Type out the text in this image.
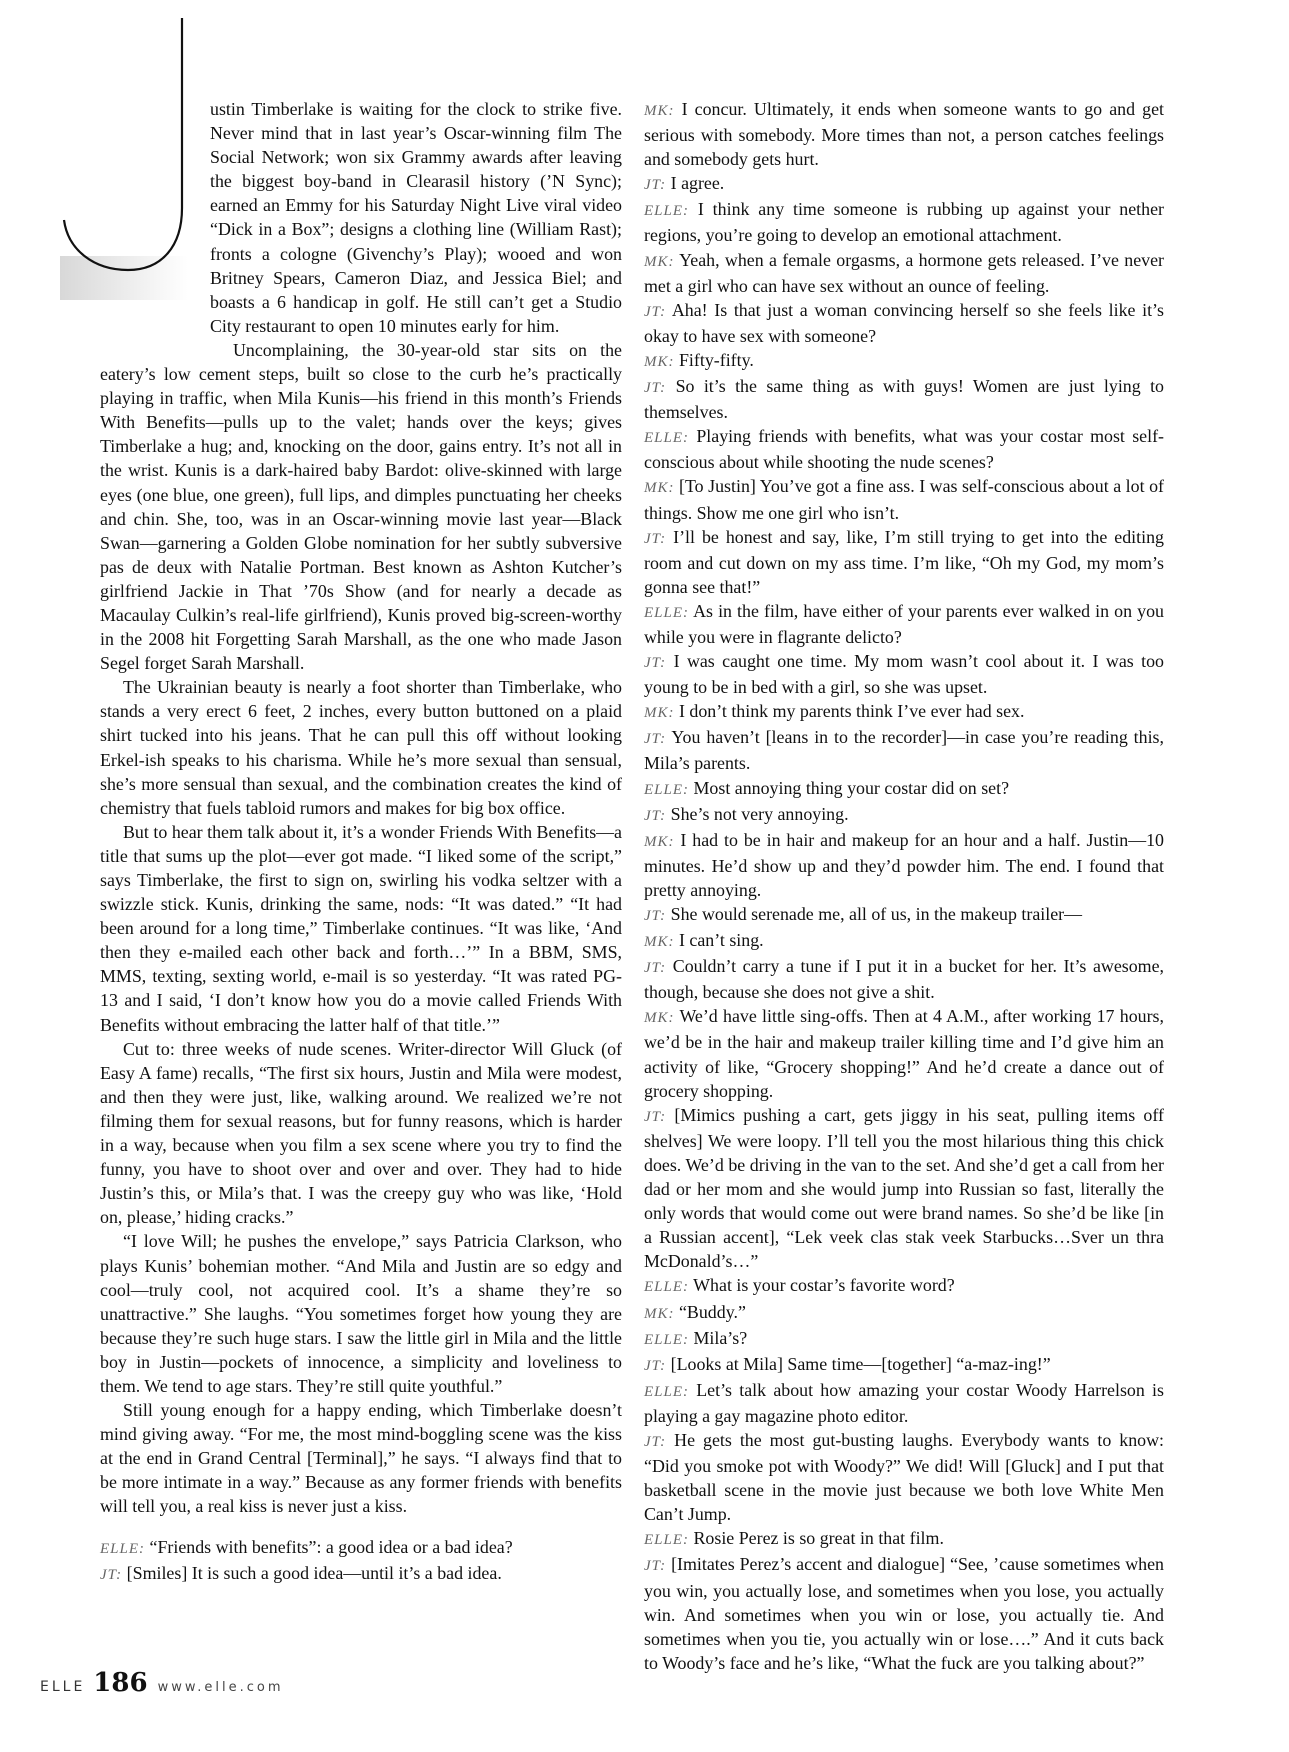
ustin Timberlake is waiting for the clock to strike five. Never mind that in last year’s Oscar-winning film The Social Network; won six Grammy awards after leaving the biggest boy-band in Clearasil history (’N Sync); earned an Emmy for his Saturday Night Live viral video “Dick in a Box”; designs a clothing line (William Rast); fronts a cologne (Givenchy’s Play); wooed and won Britney Spears, Cameron Diaz, and Jessica Biel; and boasts a 6 handicap in golf. He still can’t get a Studio City restaurant to open 10 minutes early for him.

Uncomplaining, the 30-year-old star sits on the eatery’s low cement steps, built so close to the curb he’s practically playing in traffic, when Mila Kunis—his friend in this month’s Friends With Benefits—pulls up to the valet; hands over the keys; gives Timberlake a hug; and, knocking on the door, gains entry. It’s not all in the wrist. Kunis is a dark-haired baby Bardot: olive-skinned with large eyes (one blue, one green), full lips, and dimples punctuating her cheeks and chin. She, too, was in an Oscar-winning movie last year—Black Swan—garnering a Golden Globe nomination for her subtly subversive pas de deux with Natalie Portman. Best known as Ashton Kutcher’s girlfriend Jackie in That ’70s Show (and for nearly a decade as Macaulay Culkin’s real-life girlfriend), Kunis proved big-screen-worthy in the 2008 hit Forgetting Sarah Marshall, as the one who made Jason Segel forget Sarah Marshall.

The Ukrainian beauty is nearly a foot shorter than Timberlake, who stands a very erect 6 feet, 2 inches, every button buttoned on a plaid shirt tucked into his jeans. That he can pull this off without looking Erkel-ish speaks to his charisma. While he’s more sexual than sensual, she’s more sensual than sexual, and the combination creates the kind of chemistry that fuels tabloid rumors and makes for big box office.

But to hear them talk about it, it’s a wonder Friends With Benefits—a title that sums up the plot—ever got made. “I liked some of the script,” says Timberlake, the first to sign on, swirling his vodka seltzer with a swizzle stick. Kunis, drinking the same, nods: “It was dated.” “It had been around for a long time,” Timberlake continues. “It was like, ‘And then they e-mailed each other back and forth…’” In a BBM, SMS, MMS, texting, sexting world, e-mail is so yesterday. “It was rated PG-13 and I said, ‘I don’t know how you do a movie called Friends With Benefits without embracing the latter half of that title.’”

Cut to: three weeks of nude scenes. Writer-director Will Gluck (of Easy A fame) recalls, “The first six hours, Justin and Mila were modest, and then they were just, like, walking around. We realized we’re not filming them for sexual reasons, but for funny reasons, which is harder in a way, because when you film a sex scene where you try to find the funny, you have to shoot over and over and over. They had to hide Justin’s this, or Mila’s that. I was the creepy guy who was like, ‘Hold on, please,’ hiding cracks.”

“I love Will; he pushes the envelope,” says Patricia Clarkson, who plays Kunis’ bohemian mother. “And Mila and Justin are so edgy and cool—truly cool, not acquired cool. It’s a shame they’re so unattractive.” She laughs. “You sometimes forget how young they are because they’re such huge stars. I saw the little girl in Mila and the little boy in Justin—pockets of innocence, a simplicity and loveliness to them. We tend to age stars. They’re still quite youthful.”

Still young enough for a happy ending, which Timberlake doesn’t mind giving away. “For me, the most mind-boggling scene was the kiss at the end in Grand Central [Terminal],” he says. “I always find that to be more intimate in a way.” Because as any former friends with benefits will tell you, a real kiss is never just a kiss.

ELLE: “Friends with benefits”: a good idea or a bad idea?

JT: [Smiles] It is such a good idea—until it’s a bad idea.

MK: I concur. Ultimately, it ends when someone wants to go and get serious with somebody. More times than not, a person catches feelings and somebody gets hurt.

JT: I agree.

ELLE: I think any time someone is rubbing up against your nether regions, you’re going to develop an emotional attachment.

MK: Yeah, when a female orgasms, a hormone gets released. I’ve never met a girl who can have sex without an ounce of feeling.

JT: Aha! Is that just a woman convincing herself so she feels like it’s okay to have sex with someone?

MK: Fifty-fifty.

JT: So it’s the same thing as with guys! Women are just lying to themselves.

ELLE: Playing friends with benefits, what was your costar most self-conscious about while shooting the nude scenes?

MK: [To Justin] You’ve got a fine ass. I was self-conscious about a lot of things. Show me one girl who isn’t.

JT: I’ll be honest and say, like, I’m still trying to get into the editing room and cut down on my ass time. I’m like, “Oh my God, my mom’s gonna see that!”

ELLE: As in the film, have either of your parents ever walked in on you while you were in flagrante delicto?

JT: I was caught one time. My mom wasn’t cool about it. I was too young to be in bed with a girl, so she was upset.

MK: I don’t think my parents think I’ve ever had sex.

JT: You haven’t [leans in to the recorder]—in case you’re reading this, Mila’s parents.

ELLE: Most annoying thing your costar did on set?

JT: She’s not very annoying.

MK: I had to be in hair and makeup for an hour and a half. Justin—10 minutes. He’d show up and they’d powder him. The end. I found that pretty annoying.

JT: She would serenade me, all of us, in the makeup trailer—

MK: I can’t sing.

JT: Couldn’t carry a tune if I put it in a bucket for her. It’s awesome, though, because she does not give a shit.

MK: We’d have little sing-offs. Then at 4 A.M., after working 17 hours, we’d be in the hair and makeup trailer killing time and I’d give him an activity of like, “Grocery shopping!” And he’d create a dance out of grocery shopping.

JT: [Mimics pushing a cart, gets jiggy in his seat, pulling items off shelves] We were loopy. I’ll tell you the most hilarious thing this chick does. We’d be driving in the van to the set. And she’d get a call from her dad or her mom and she would jump into Russian so fast, literally the only words that would come out were brand names. So she’d be like [in a Russian accent], “Lek veek clas stak veek Starbucks…Sver un thra McDonald’s…”

ELLE: What is your costar’s favorite word?

MK: “Buddy.”

ELLE: Mila’s?

JT: [Looks at Mila] Same time—[together] “a-maz-ing!”

ELLE: Let’s talk about how amazing your costar Woody Harrelson is playing a gay magazine photo editor.

JT: He gets the most gut-busting laughs. Everybody wants to know: “Did you smoke pot with Woody?” We did! Will [Gluck] and I put that basketball scene in the movie just because we both love White Men Can’t Jump.

ELLE: Rosie Perez is so great in that film.

JT: [Imitates Perez’s accent and dialogue] “See, ’cause sometimes when you win, you actually lose, and sometimes when you lose, you actually win. And sometimes when you win or lose, you actually tie. And sometimes when you tie, you actually win or lose….” And it cuts back to Woody’s face and he’s like, “What the fuck are you talking about?”

ELLE 186 www.elle.com
